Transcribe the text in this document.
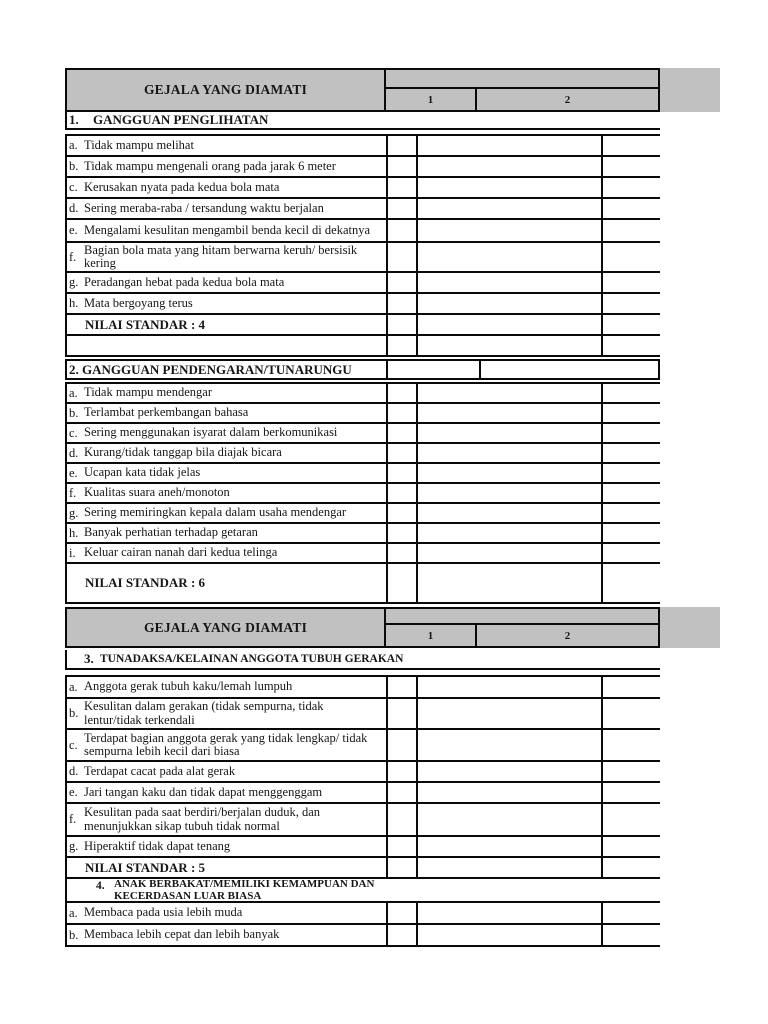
GEJALA YANG DIAMATI
1	2
1.	GANGGUAN PENGLIHATAN
a. Tidak mampu melihat
b. Tidak mampu mengenali orang pada jarak 6 meter
c. Kerusakan nyata pada kedua bola mata
d. Sering meraba-raba / tersandung waktu berjalan
e. Mengalami kesulitan mengambil benda kecil di dekatnya
f. Bagian bola mata yang hitam berwarna keruh/ bersisik kering
g. Peradangan hebat pada kedua bola mata
h. Mata bergoyang terus
NILAI STANDAR : 4
2. GANGGUAN PENDENGARAN/TUNARUNGU
a. Tidak mampu mendengar
b. Terlambat perkembangan bahasa
c. Sering menggunakan isyarat dalam berkomunikasi
d. Kurang/tidak tanggap bila diajak bicara
e. Ucapan kata tidak jelas
f. Kualitas suara aneh/monoton
g. Sering memiringkan kepala dalam usaha mendengar
h. Banyak perhatian terhadap getaran
i. Keluar cairan nanah dari kedua telinga
NILAI STANDAR : 6
GEJALA YANG DIAMATI
1	2
3. TUNADAKSA/KELAINAN ANGGOTA TUBUH GERAKAN
a. Anggota gerak tubuh kaku/lemah lumpuh
b. Kesulitan dalam gerakan (tidak sempurna, tidak lentur/tidak terkendali
c. Terdapat bagian anggota gerak yang tidak lengkap/ tidak sempurna lebih kecil dari biasa
d. Terdapat cacat pada alat gerak
e. Jari tangan kaku dan tidak dapat menggenggam
f. Kesulitan pada saat berdiri/berjalan duduk, dan menunjukkan sikap tubuh tidak normal
g. Hiperaktif tidak dapat tenang
NILAI STANDAR : 5
4. ANAK BERBAKAT/MEMILIKI KEMAMPUAN DAN KECERDASAN LUAR BIASA
a. Membaca pada usia lebih muda
b. Membaca lebih cepat dan lebih banyak
